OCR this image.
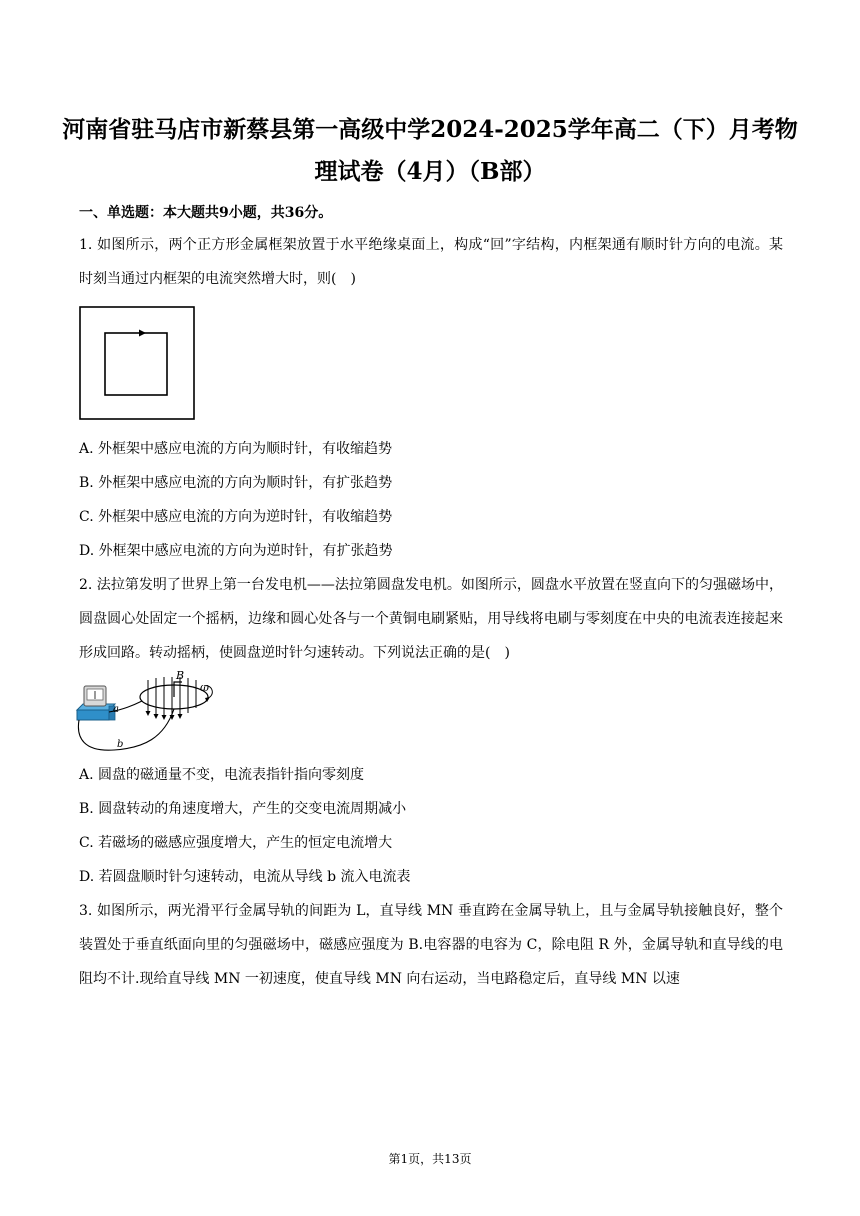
河南省驻马店市新蔡县第一高级中学2024-2025学年高二（下）月考物
理试卷（4月）（B部）
一、单选题：本大题共9小题，共36分。
1. 如图所示，两个正方形金属框架放置于水平绝缘桌面上，构成“回”字结构，内框架通有顺时针方向的电流。某时刻当通过内框架的电流突然增大时，则(　)
A. 外框架中感应电流的方向为顺时针，有收缩趋势
B. 外框架中感应电流的方向为顺时针，有扩张趋势
C. 外框架中感应电流的方向为逆时针，有收缩趋势
D. 外框架中感应电流的方向为逆时针，有扩张趋势
2. 法拉第发明了世界上第一台发电机——法拉第圆盘发电机。如图所示，圆盘水平放置在竖直向下的匀强磁场中，圆盘圆心处固定一个摇柄，边缘和圆心处各与一个黄铜电刷紧贴，用导线将电刷与零刻度在中央的电流表连接起来形成回路。转动摇柄，使圆盘逆时针匀速转动。下列说法正确的是(　)
B
ω
a
b
A. 圆盘的磁通量不变，电流表指针指向零刻度
B. 圆盘转动的角速度增大，产生的交变电流周期减小
C. 若磁场的磁感应强度增大，产生的恒定电流增大
D. 若圆盘顺时针匀速转动，电流从导线 b 流入电流表
3. 如图所示，两光滑平行金属导轨的间距为 L，直导线 MN 垂直跨在金属导轨上，且与金属导轨接触良好，整个装置处于垂直纸面向里的匀强磁场中，磁感应强度为 B.电容器的电容为 C，除电阻 R 外，金属导轨和直导线的电阻均不计.现给直导线 MN 一初速度，使直导线 MN 向右运动，当电路稳定后，直导线 MN 以速
第1页，共13页
